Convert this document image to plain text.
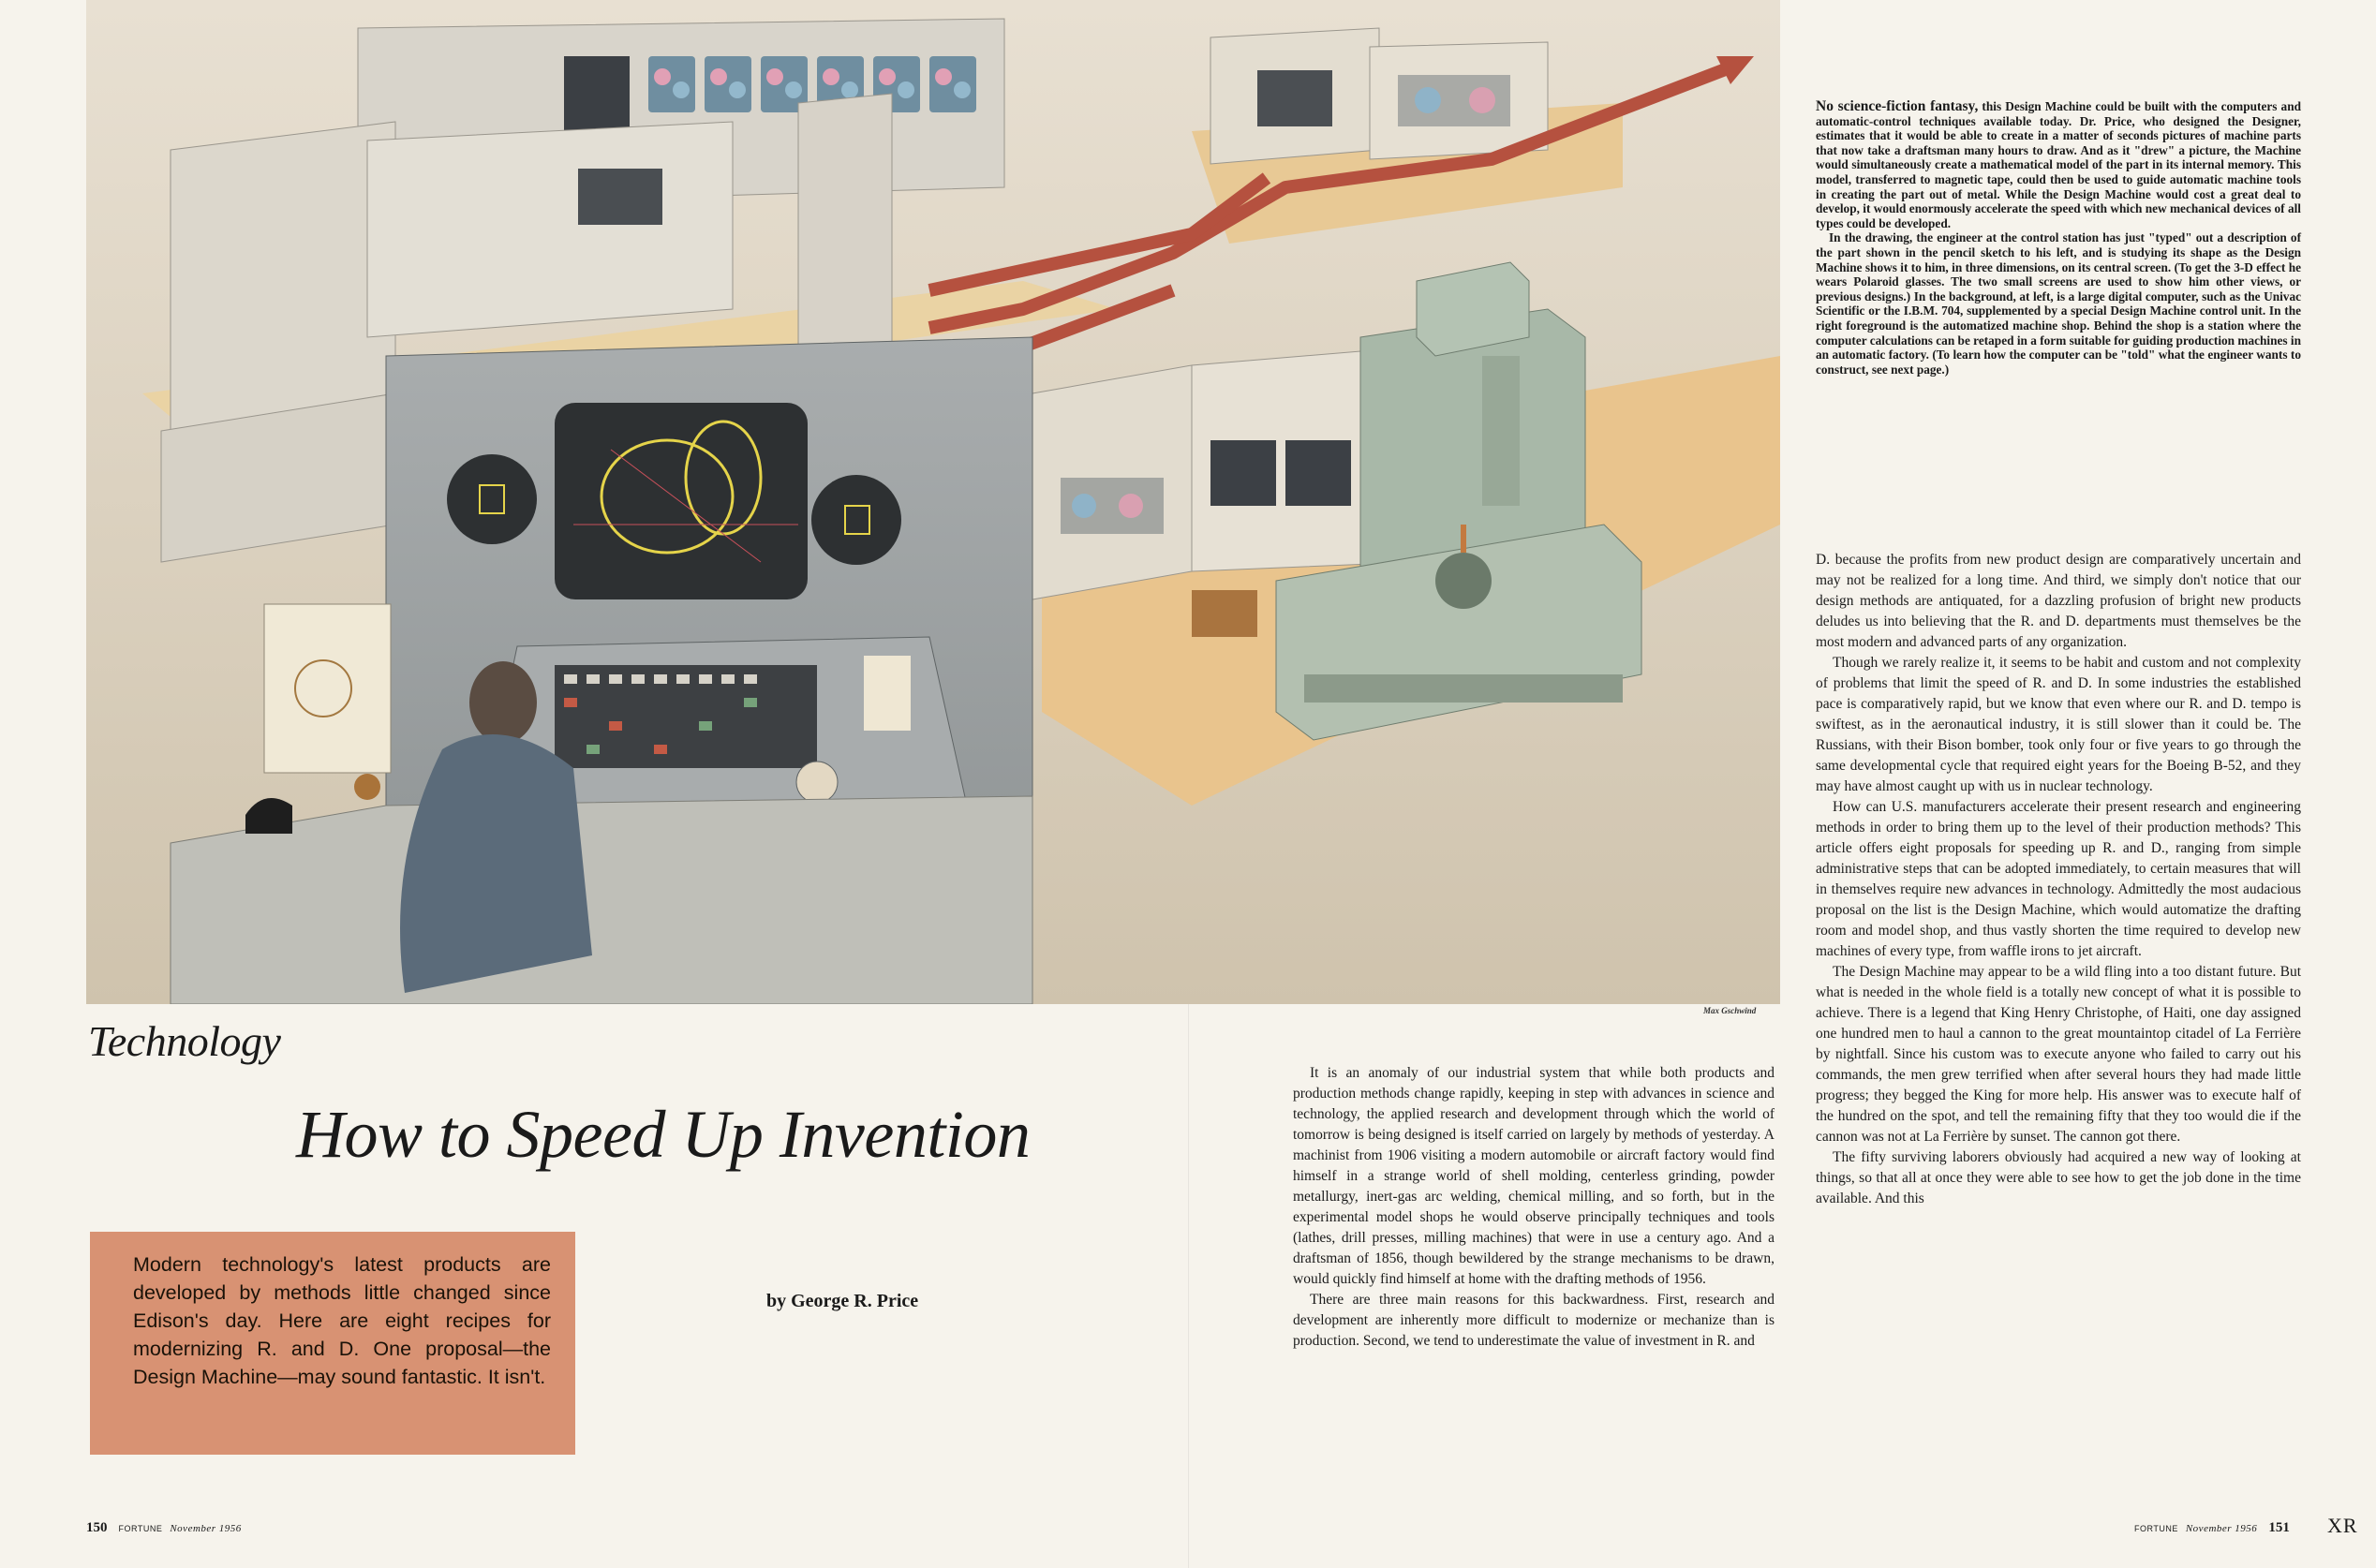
Max Gschwind

No science-fiction fantasy, this Design Machine could be built with the computers and automatic-control techniques available today. Dr. Price, who designed the Designer, estimates that it would be able to create in a matter of seconds pictures of machine parts that now take a draftsman many hours to draw. And as it "drew" a picture, the Machine would simultaneously create a mathematical model of the part in its internal memory. This model, transferred to magnetic tape, could then be used to guide automatic machine tools in creating the part out of metal. While the Design Machine would cost a great deal to develop, it would enormously accelerate the speed with which new mechanical devices of all types could be developed.

In the drawing, the engineer at the control station has just "typed" out a description of the part shown in the pencil sketch to his left, and is studying its shape as the Design Machine shows it to him, in three dimensions, on its central screen. (To get the 3-D effect he wears Polaroid glasses. The two small screens are used to show him other views, or previous designs.) In the background, at left, is a large digital computer, such as the Univac Scientific or the I.B.M. 704, supplemented by a special Design Machine control unit. In the right foreground is the automatized machine shop. Behind the shop is a station where the computer calculations can be retaped in a form suitable for guiding production machines in an automatic factory. (To learn how the computer can be "told" what the engineer wants to construct, see next page.)

Technology
How to Speed Up Invention
Modern technology's latest products are developed by methods little changed since Edison's day. Here are eight recipes for modernizing R. and D. One proposal—the Design Machine—may sound fantastic. It isn't.
by George R. Price

It is an anomaly of our industrial system that while both products and production methods change rapidly, keeping in step with advances in science and technology, the applied research and development through which the world of tomorrow is being designed is itself carried on largely by methods of yesterday. A machinist from 1906 visiting a modern automobile or aircraft factory would find himself in a strange world of shell molding, centerless grinding, powder metallurgy, inert-gas arc welding, chemical milling, and so forth, but in the experimental model shops he would observe principally techniques and tools (lathes, drill presses, milling machines) that were in use a century ago. And a draftsman of 1856, though bewildered by the strange mechanisms to be drawn, would quickly find himself at home with the drafting methods of 1956.

There are three main reasons for this backwardness. First, research and development are inherently more difficult to modernize or mechanize than is production. Second, we tend to underestimate the value of investment in R. and

D. because the profits from new product design are comparatively uncertain and may not be realized for a long time. And third, we simply don't notice that our design methods are antiquated, for a dazzling profusion of bright new products deludes us into believing that the R. and D. departments must themselves be the most modern and advanced parts of any organization.

Though we rarely realize it, it seems to be habit and custom and not complexity of problems that limit the speed of R. and D. In some industries the established pace is comparatively rapid, but we know that even where our R. and D. tempo is swiftest, as in the aeronautical industry, it is still slower than it could be. The Russians, with their Bison bomber, took only four or five years to go through the same developmental cycle that required eight years for the Boeing B-52, and they may have almost caught up with us in nuclear technology.

How can U.S. manufacturers accelerate their present research and engineering methods in order to bring them up to the level of their production methods? This article offers eight proposals for speeding up R. and D., ranging from simple administrative steps that can be adopted immediately, to certain measures that will in themselves require new advances in technology. Admittedly the most audacious proposal on the list is the Design Machine, which would automatize the drafting room and model shop, and thus vastly shorten the time required to develop new machines of every type, from waffle irons to jet aircraft.

The Design Machine may appear to be a wild fling into a too distant future. But what is needed in the whole field is a totally new concept of what it is possible to achieve. There is a legend that King Henry Christophe, of Haiti, one day assigned one hundred men to haul a cannon to the great mountaintop citadel of La Ferrière by nightfall. Since his custom was to execute anyone who failed to carry out his commands, the men grew terrified when after several hours they had made little progress; they begged the King for more help. His answer was to execute half of the hundred on the spot, and tell the remaining fifty that they too would die if the cannon was not at La Ferrière by sunset. The cannon got there.

The fifty surviving laborers obviously had acquired a new way of looking at things, so that all at once they were able to see how to get the job done in the time available. And this

150 FORTUNE November 1956	FORTUNE November 1956 151 XR
